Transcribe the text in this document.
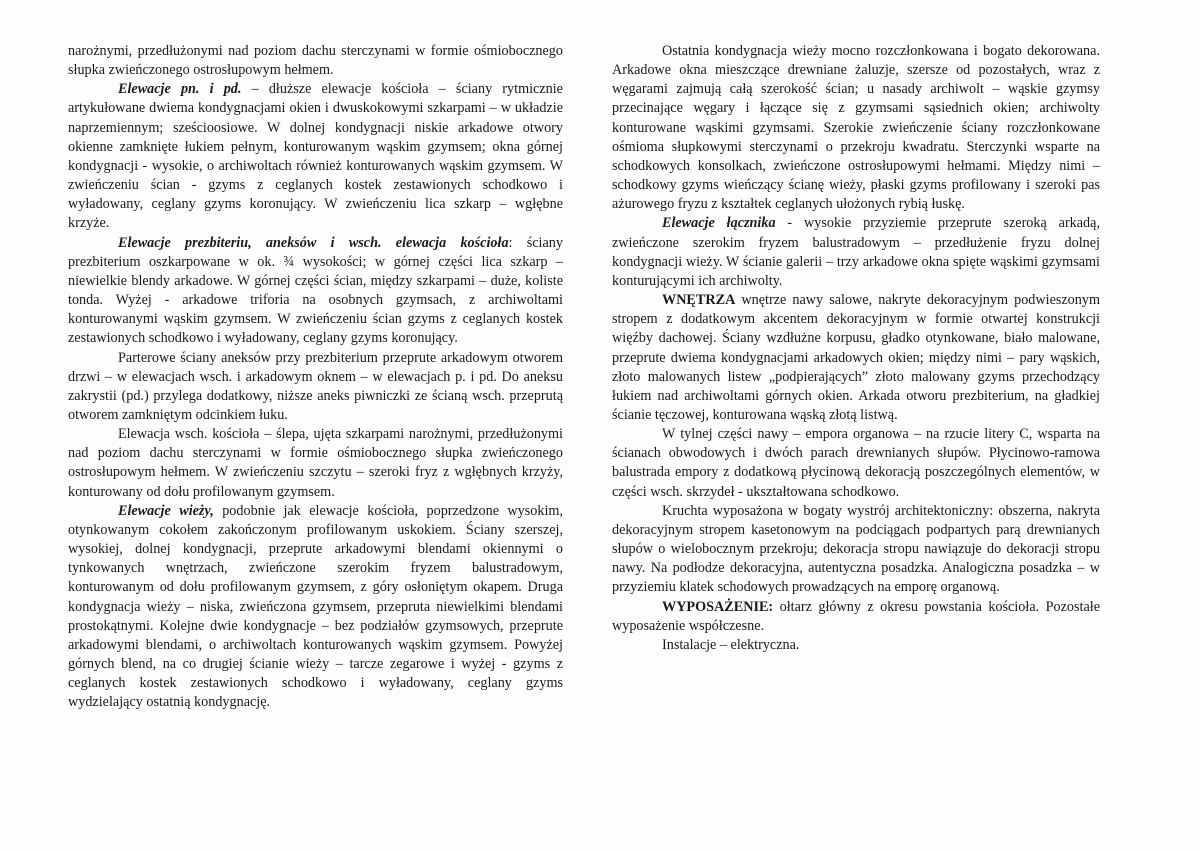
narożnymi, przedłużonymi nad poziom dachu sterczynami w formie ośmiobocznego słupka zwieńczonego ostrosłupowym hełmem.

Elewacje pn. i pd. – dłuższe elewacje kościoła – ściany rytmicznie artykułowane dwiema kondygnacjami okien i dwuskokowymi szkarpami – w układzie naprzemiennym; sześcioosiowe. W dolnej kondygnacji niskie arkadowe otwory okienne zamknięte łukiem pełnym, konturowanym wąskim gzymsem; okna górnej kondygnacji - wysokie, o archiwoltach również konturowanych wąskim gzymsem. W zwieńczeniu ścian - gzyms z ceglanych kostek zestawionych schodkowo i wyładowany, ceglany gzyms koronujący. W zwieńczeniu lica szkarp – wgłębne krzyże.

Elewacje prezbiteriu, aneksów i wsch. elewacja kościoła: ściany prezbiterium oszkarpowane w ok. ¾ wysokości; w górnej części lica szkarp – niewielkie blendy arkadowe. W górnej części ścian, między szkarpami – duże, koliste tonda. Wyżej - arkadowe triforia na osobnych gzymsach, z archiwoltami konturowanymi wąskim gzymsem. W zwieńczeniu ścian gzyms z ceglanych kostek zestawionych schodkowo i wyładowany, ceglany gzyms koronujący.

Parterowe ściany aneksów przy prezbiterium przeprute arkadowym otworem drzwi – w elewacjach wsch. i arkadowym oknem – w elewacjach p. i pd. Do aneksu zakrystii (pd.) przylega dodatkowy, niższe aneks piwniczki ze ścianą wsch. przeprutą otworem zamkniętym odcinkiem łuku.

Elewacja wsch. kościoła – ślepa, ujęta szkarpami narożnymi, przedłużonymi nad poziom dachu sterczynami w formie ośmiobocznego słupka zwieńczonego ostrosłupowym hełmem. W zwieńczeniu szczytu – szeroki fryz z wgłębnych krzyży, konturowany od dołu profilowanym gzymsem.

Elewacje wieży, podobnie jak elewacje kościoła, poprzedzone wysokim, otynkowanym cokołem zakończonym profilowanym uskokiem. Ściany szerszej, wysokiej, dolnej kondygnacji, przeprute arkadowymi blendami okiennymi o tynkowanych wnętrzach, zwieńczone szerokim fryzem balustradowym, konturowanym od dołu profilowanym gzymsem, z góry osłoniętym okapem. Druga kondygnacja wieży – niska, zwieńczona gzymsem, przepruta niewielkimi blendami prostokątnymi. Kolejne dwie kondygnacje – bez podziałów gzymsowych, przeprute arkadowymi blendami, o archiwoltach konturowanych wąskim gzymsem. Powyżej górnych blend, na co drugiej ścianie wieży – tarcze zegarowe i wyżej - gzyms z ceglanych kostek zestawionych schodkowo i wyładowany, ceglany gzyms wydzielający ostatnią kondygnację.

Ostatnia kondygnacja wieży mocno rozczłonkowana i bogato dekorowana. Arkadowe okna mieszczące drewniane żaluzje, szersze od pozostałych, wraz z węgarami zajmują całą szerokość ścian; u nasady archiwolt – wąskie gzymsy przecinające węgary i łączące się z gzymsami sąsiednich okien; archiwolty konturowane wąskimi gzymsami. Szerokie zwieńczenie ściany rozczłonkowane ośmioma słupkowymi sterczynami o przekroju kwadratu. Sterczynki wsparte na schodkowych konsolkach, zwieńczone ostrosłupowymi hełmami. Między nimi – schodkowy gzyms wieńczący ścianę wieży, płaski gzyms profilowany i szeroki pas ażurowego fryzu z kształtek ceglanych ułożonych rybią łuskę.

Elewacje łącznika - wysokie przyziemie przeprute szeroką arkadą, zwieńczone szerokim fryzem balustradowym – przedłużenie fryzu dolnej kondygnacji wieży. W ścianie galerii – trzy arkadowe okna spięte wąskimi gzymsami konturującymi ich archiwolty.

WNĘTRZA wnętrze nawy salowe, nakryte dekoracyjnym podwieszonym stropem z dodatkowym akcentem dekoracyjnym w formie otwartej konstrukcji więźby dachowej. Ściany wzdłużne korpusu, gładko otynkowane, biało malowane, przeprute dwiema kondygnacjami arkadowych okien; między nimi – pary wąskich, złoto malowanych listew „podpierających” złoto malowany gzyms przechodzący łukiem nad archiwoltami górnych okien. Arkada otworu prezbiterium, na gładkiej ścianie tęczowej, konturowana wąską złotą listwą.

W tylnej części nawy – empora organowa – na rzucie litery C, wsparta na ścianach obwodowych i dwóch parach drewnianych słupów. Płycinowo-ramowa balustrada empory z dodatkową płycinową dekoracją poszczególnych elementów, w części wsch. skrzydeł - ukształtowana schodkowo.

Kruchta wyposażona w bogaty wystrój architektoniczny: obszerna, nakryta dekoracyjnym stropem kasetonowym na podciągach podpartych parą drewnianych słupów o wielobocznym przekroju; dekoracja stropu nawiązuje do dekoracji stropu nawy. Na podłodze dekoracyjna, autentyczna posadzka. Analogiczna posadzka – w przyziemiu klatek schodowych prowadzących na emporę organową.

WYPOSAŻENIE: ołtarz główny z okresu powstania kościoła. Pozostałe wyposażenie współczesne.

Instalacje – elektryczna.
